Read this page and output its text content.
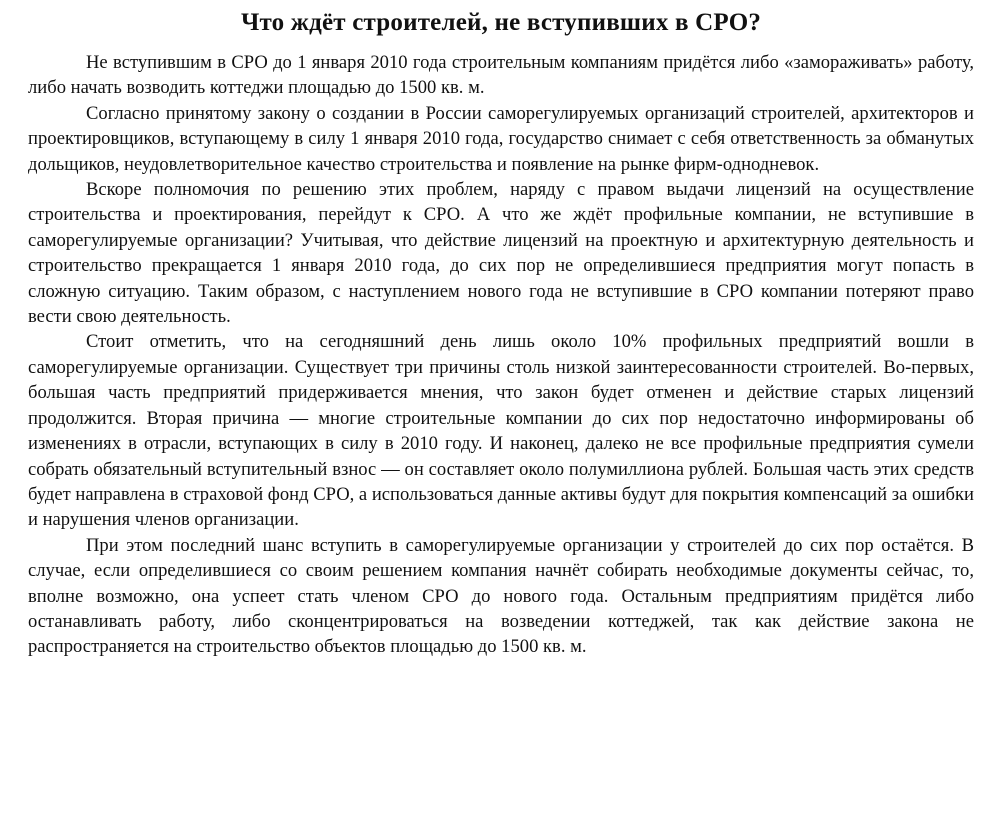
Что ждёт строителей, не вступивших в СРО?

Не вступившим в СРО до 1 января 2010 года строительным компаниям придётся либо «замораживать» работу, либо начать возводить коттеджи площадью до 1500 кв. м.

Согласно принятому закону о создании в России саморегулируемых организаций строителей, архитекторов и проектировщиков, вступающему в силу 1 января 2010 года, государство снимает с себя ответственность за обманутых дольщиков, неудовлетворительное качество строительства и появление на рынке фирм-однодневок.

Вскоре полномочия по решению этих проблем, наряду с правом выдачи лицензий на осуществление строительства и проектирования, перейдут к СРО. А что же ждёт профильные компании, не вступившие в саморегулируемые организации? Учитывая, что действие лицензий на проектную и архитектурную деятельность и строительство прекращается 1 января 2010 года, до сих пор не определившиеся предприятия могут попасть в сложную ситуацию. Таким образом, с наступлением нового года не вступившие в СРО компании потеряют право вести свою деятельность.

Стоит отметить, что на сегодняшний день лишь около 10% профильных предприятий вошли в саморегулируемые организации. Существует три причины столь низкой заинтересованности строителей. Во-первых, большая часть предприятий придерживается мнения, что закон будет отменен и действие старых лицензий продолжится. Вторая причина — многие строительные компании до сих пор недостаточно информированы об изменениях в отрасли, вступающих в силу в 2010 году. И наконец, далеко не все профильные предприятия сумели собрать обязательный вступительный взнос — он составляет около полумиллиона рублей. Большая часть этих средств будет направлена в страховой фонд СРО, а использоваться данные активы будут для покрытия компенсаций за ошибки и нарушения членов организации.

При этом последний шанс вступить в саморегулируемые организации у строителей до сих пор остаётся. В случае, если определившиеся со своим решением компания начнёт собирать необходимые документы сейчас, то, вполне возможно, она успеет стать членом СРО до нового года. Остальным предприятиям придётся либо останавливать работу, либо сконцентрироваться на возведении коттеджей, так как действие закона не распространяется на строительство объектов площадью до 1500 кв. м.
